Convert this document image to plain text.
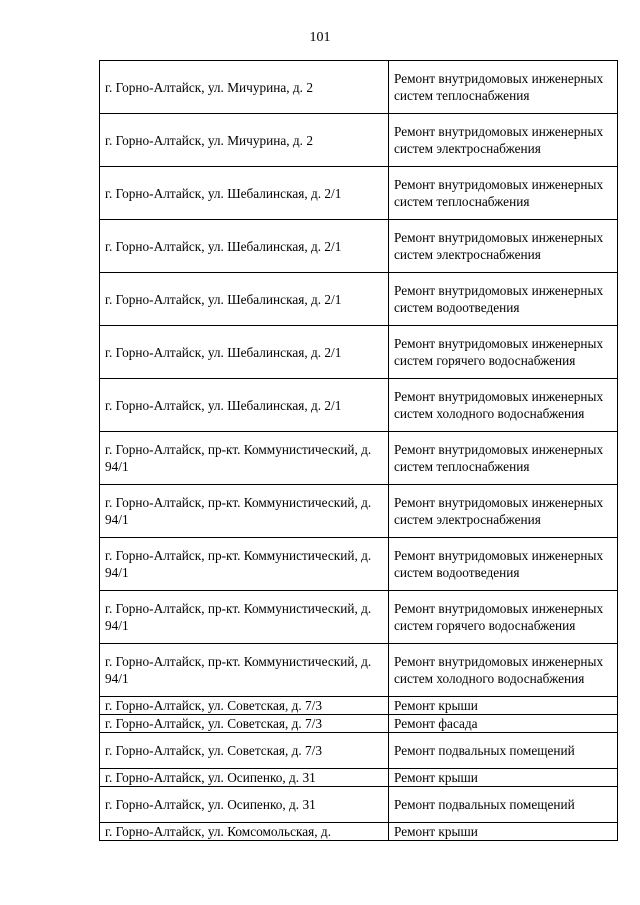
101
г. Горно-Алтайск, ул. Мичурина, д. 2	Ремонт внутридомовых инженерных систем теплоснабжения
г. Горно-Алтайск, ул. Мичурина, д. 2	Ремонт внутридомовых инженерных систем электроснабжения
г. Горно-Алтайск, ул. Шебалинская, д. 2/1	Ремонт внутридомовых инженерных систем теплоснабжения
г. Горно-Алтайск, ул. Шебалинская, д. 2/1	Ремонт внутридомовых инженерных систем электроснабжения
г. Горно-Алтайск, ул. Шебалинская, д. 2/1	Ремонт внутридомовых инженерных систем водоотведения
г. Горно-Алтайск, ул. Шебалинская, д. 2/1	Ремонт внутридомовых инженерных систем горячего водоснабжения
г. Горно-Алтайск, ул. Шебалинская, д. 2/1	Ремонт внутридомовых инженерных систем холодного водоснабжения
г. Горно-Алтайск, пр-кт. Коммунистический, д. 94/1	Ремонт внутридомовых инженерных систем теплоснабжения
г. Горно-Алтайск, пр-кт. Коммунистический, д. 94/1	Ремонт внутридомовых инженерных систем электроснабжения
г. Горно-Алтайск, пр-кт. Коммунистический, д. 94/1	Ремонт внутридомовых инженерных систем водоотведения
г. Горно-Алтайск, пр-кт. Коммунистический, д. 94/1	Ремонт внутридомовых инженерных систем горячего водоснабжения
г. Горно-Алтайск, пр-кт. Коммунистический, д. 94/1	Ремонт внутридомовых инженерных систем холодного водоснабжения
г. Горно-Алтайск, ул. Советская, д. 7/3	Ремонт крыши
г. Горно-Алтайск, ул. Советская, д. 7/3	Ремонт фасада
г. Горно-Алтайск, ул. Советская, д. 7/3	Ремонт подвальных помещений
г. Горно-Алтайск, ул. Осипенко, д. 31	Ремонт крыши
г. Горно-Алтайск, ул. Осипенко, д. 31	Ремонт подвальных помещений
г. Горно-Алтайск, ул. Комсомольская, д.	Ремонт крыши
